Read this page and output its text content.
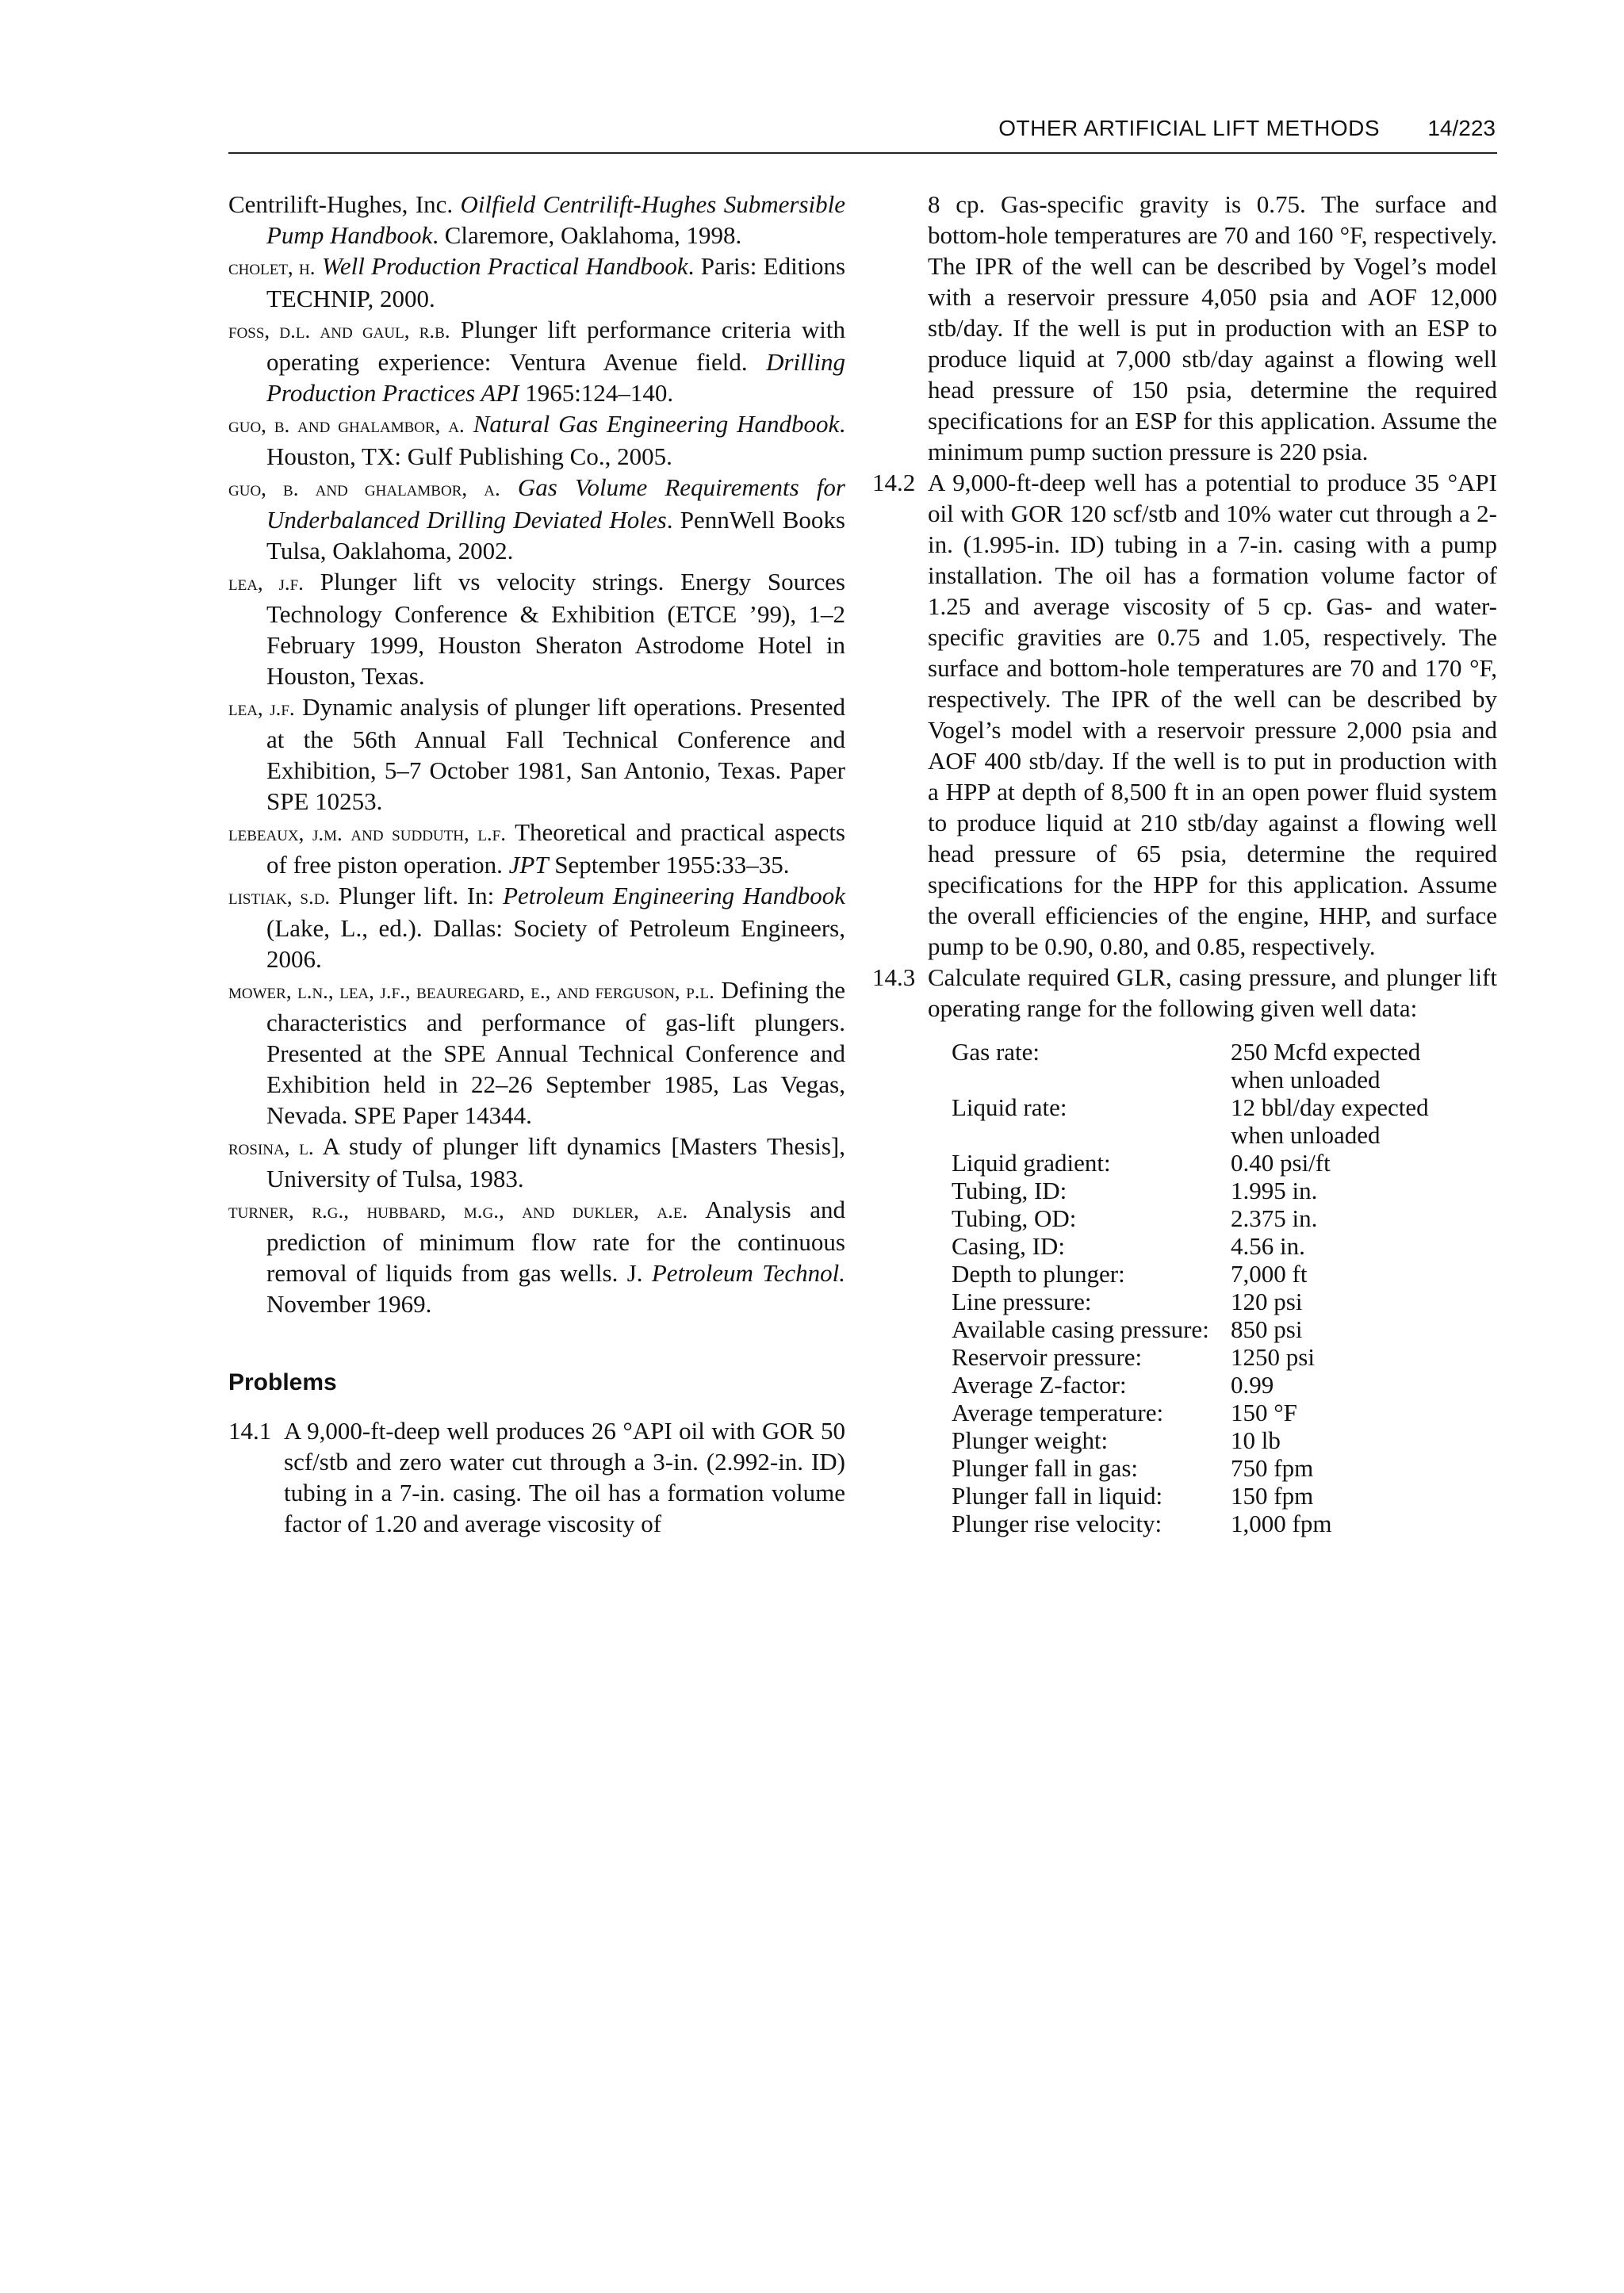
OTHER ARTIFICIAL LIFT METHODS 14/223

Centrilift-Hughes, Inc. Oilfield Centrilift-Hughes Submersible Pump Handbook. Claremore, Oaklahoma, 1998.

cholet, h. Well Production Practical Handbook. Paris: Editions TECHNIP, 2000.

foss, d.l. and gaul, r.b. Plunger lift performance criteria with operating experience: Ventura Avenue field. Drilling Production Practices API 1965:124–140.

guo, b. and ghalambor, a. Natural Gas Engineering Handbook. Houston, TX: Gulf Publishing Co., 2005.

guo, b. and ghalambor, a. Gas Volume Requirements for Underbalanced Drilling Deviated Holes. PennWell Books Tulsa, Oaklahoma, 2002.

lea, j.f. Plunger lift vs velocity strings. Energy Sources Technology Conference & Exhibition (ETCE ’99), 1–2 February 1999, Houston Sheraton Astrodome Hotel in Houston, Texas.

lea, j.f. Dynamic analysis of plunger lift operations. Presented at the 56th Annual Fall Technical Conference and Exhibition, 5–7 October 1981, San Antonio, Texas. Paper SPE 10253.

lebeaux, j.m. and sudduth, l.f. Theoretical and practical aspects of free piston operation. JPT September 1955:33–35.

listiak, s.d. Plunger lift. In: Petroleum Engineering Handbook (Lake, L., ed.). Dallas: Society of Petroleum Engineers, 2006.

mower, l.n., lea, j.f., beauregard, e., and ferguson, p.l. Defining the characteristics and performance of gas-lift plungers. Presented at the SPE Annual Technical Conference and Exhibition held in 22–26 September 1985, Las Vegas, Nevada. SPE Paper 14344.

rosina, l. A study of plunger lift dynamics [Masters Thesis], University of Tulsa, 1983.

turner, r.g., hubbard, m.g., and dukler, a.e. Analysis and prediction of minimum flow rate for the continuous removal of liquids from gas wells. J. Petroleum Technol. November 1969.

Problems

14.1 A 9,000-ft-deep well produces 26 °API oil with GOR 50 scf/stb and zero water cut through a 3-in. (2.992-in. ID) tubing in a 7-in. casing. The oil has a formation volume factor of 1.20 and average viscosity of

8 cp. Gas-specific gravity is 0.75. The surface and bottom-hole temperatures are 70 and 160 °F, respectively. The IPR of the well can be described by Vogel’s model with a reservoir pressure 4,050 psia and AOF 12,000 stb/day. If the well is put in production with an ESP to produce liquid at 7,000 stb/day against a flowing well head pressure of 150 psia, determine the required specifications for an ESP for this application. Assume the minimum pump suction pressure is 220 psia.

14.2 A 9,000-ft-deep well has a potential to produce 35 °API oil with GOR 120 scf/stb and 10% water cut through a 2-in. (1.995-in. ID) tubing in a 7-in. casing with a pump installation. The oil has a formation volume factor of 1.25 and average viscosity of 5 cp. Gas- and water-specific gravities are 0.75 and 1.05, respectively. The surface and bottom-hole temperatures are 70 and 170 °F, respectively. The IPR of the well can be described by Vogel’s model with a reservoir pressure 2,000 psia and AOF 400 stb/day. If the well is to put in production with a HPP at depth of 8,500 ft in an open power fluid system to produce liquid at 210 stb/day against a flowing well head pressure of 65 psia, determine the required specifications for the HPP for this application. Assume the overall efficiencies of the engine, HHP, and surface pump to be 0.90, 0.80, and 0.85, respectively.

14.3 Calculate required GLR, casing pressure, and plunger lift operating range for the following given well data:

Gas rate:	250 Mcfd expected
	when unloaded
Liquid rate:	12 bbl/day expected
	when unloaded
Liquid gradient:	0.40 psi/ft
Tubing, ID:	1.995 in.
Tubing, OD:	2.375 in.
Casing, ID:	4.56 in.
Depth to plunger:	7,000 ft
Line pressure:	120 psi
Available casing pressure:	850 psi
Reservoir pressure:	1250 psi
Average Z-factor:	0.99
Average temperature:	150 °F
Plunger weight:	10 lb
Plunger fall in gas:	750 fpm
Plunger fall in liquid:	150 fpm
Plunger rise velocity:	1,000 fpm
